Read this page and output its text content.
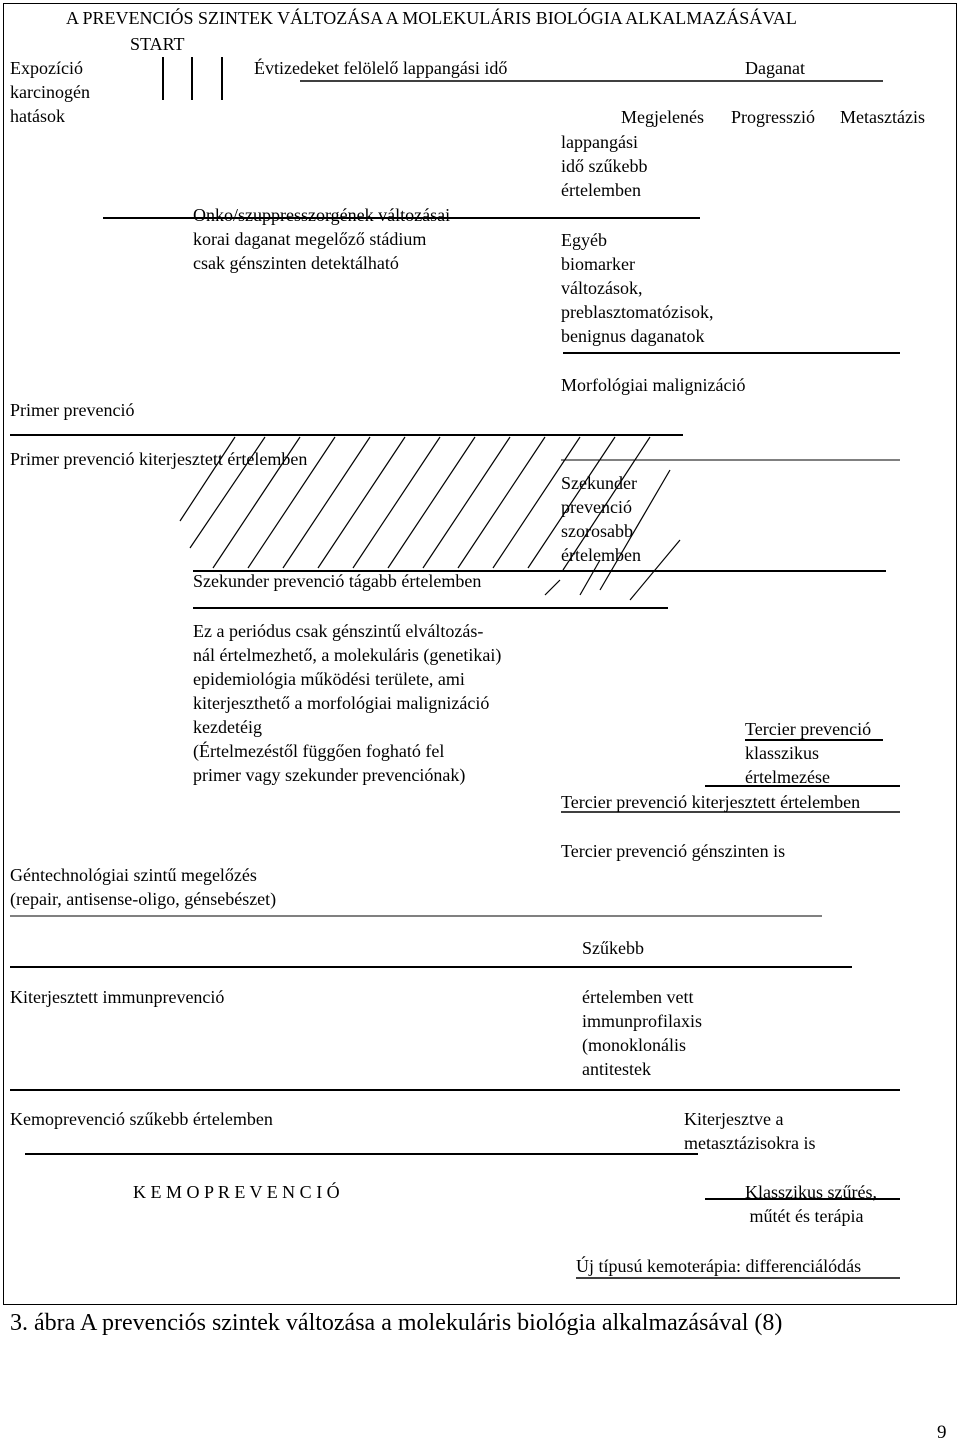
A PREVENCIÓS SZINTEK VÁLTOZÁSA A MOLEKULÁRIS BIOLÓGIA ALKALMAZÁSÁVAL
START
Expozíció
karcinogén
hatások
Évtizedeket felölelő lappangási idő	Daganat
Megjelenés Progresszió Metasztázis
lappangási
idő szűkebb
értelemben
Onko/szuppresszorgének változásai
korai daganat megelőző stádium
csak génszinten detektálható
Egyéb
biomarker
változások,
preblasztomatózisok,
benignus daganatok
Morfológiai malignizáció
Primer prevenció
Primer prevenció kiterjesztett értelemben
Szekunder
prevenció
szorosabb
értelemben
Szekunder prevenció tágabb értelemben
Ez a periódus csak génszintű elváltozás-
nál értelmezhető, a molekuláris (genetikai)
epidemiológia működési területe, ami
kiterjeszthető a morfológiai malignizáció
kezdetéig
(Értelmezéstől függően fogható fel
primer vagy szekunder prevenciónak)
Tercier prevenció
klasszikus
értelmezése
Tercier prevenció kiterjesztett értelemben
Tercier prevenció génszinten is
Géntechnológiai szintű megelőzés
(repair, antisense-oligo, génsebészet)
Szűkebb
Kiterjesztett immunprevenció	értelemben vett
immunprofilaxis
(monoklonális
antitestek
Kemoprevenció szűkebb értelemben	Kiterjesztve a
metasztázisokra is
K E M O P R E V E N C I Ó	Klasszikus szűrés,
műtét és terápia
Új típusú kemoterápia: differenciálódás
3. ábra A prevenciós szintek változása a molekuláris biológia alkalmazásával (8)
9
